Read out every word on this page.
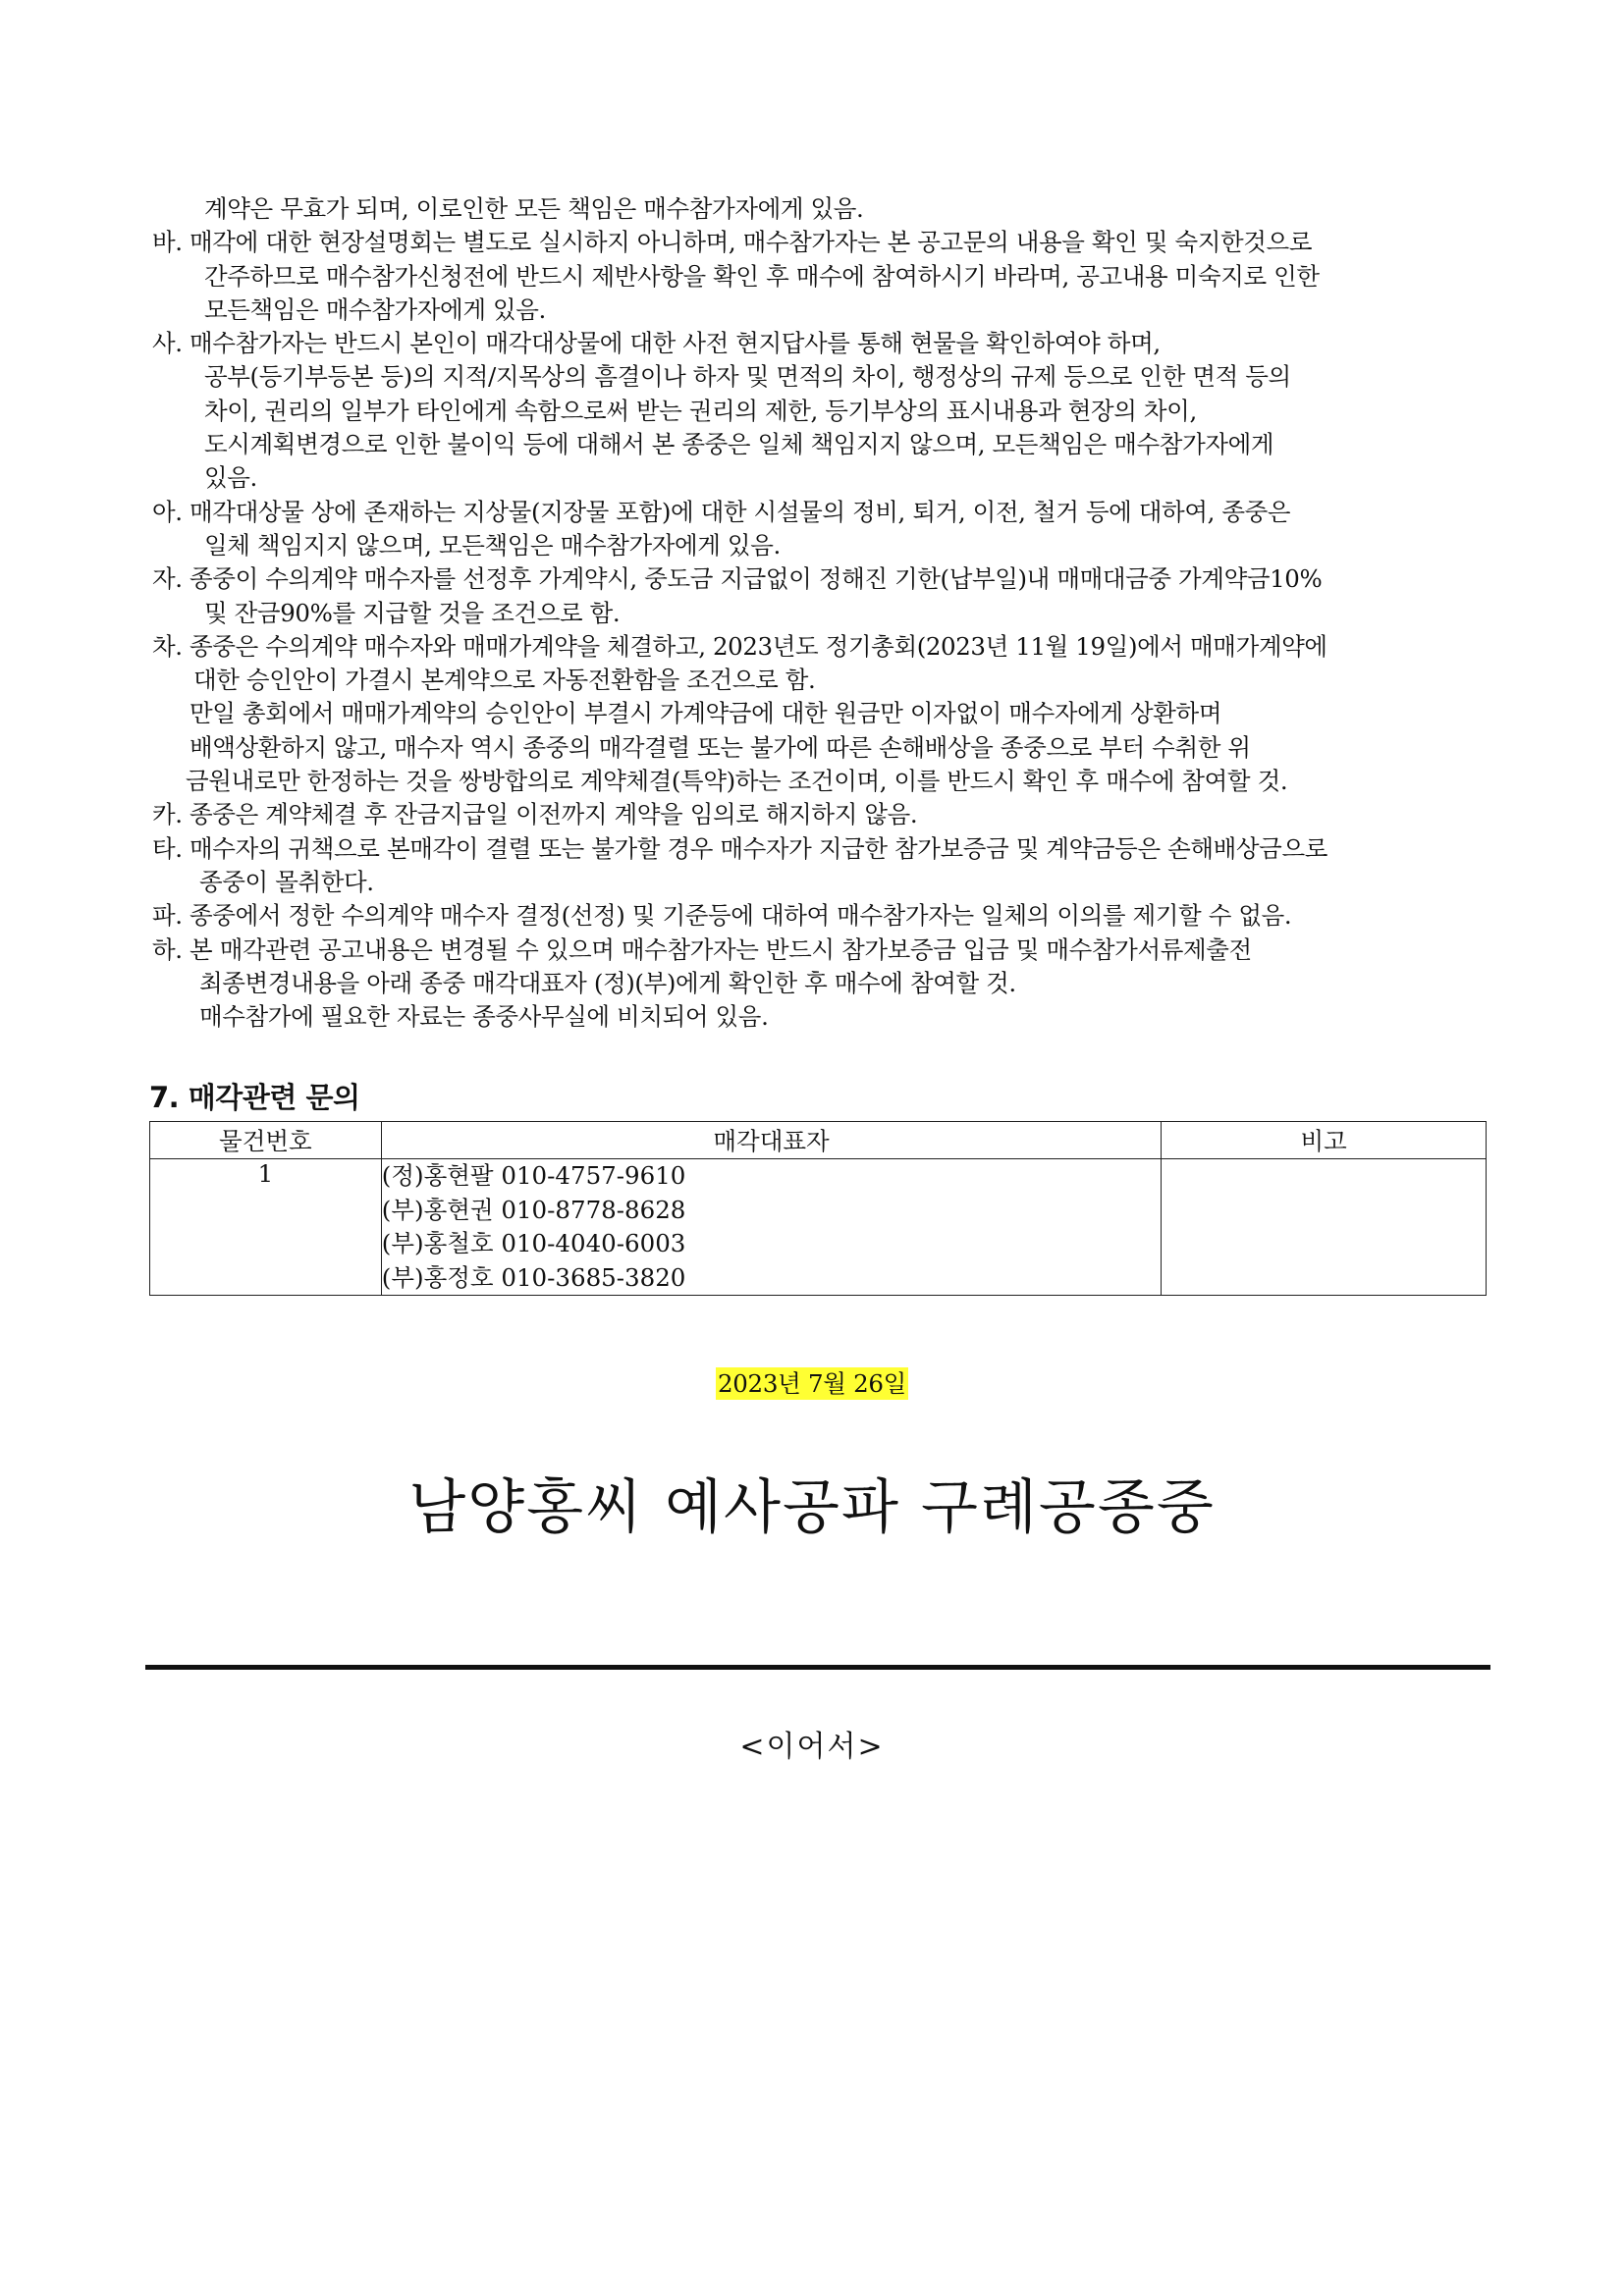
계약은 무효가 되며, 이로인한 모든 책임은 매수참가자에게 있음.
바. 매각에 대한 현장설명회는 별도로 실시하지 아니하며, 매수참가자는 본 공고문의 내용을 확인 및 숙지한것으로
간주하므로 매수참가신청전에 반드시 제반사항을 확인 후 매수에 참여하시기 바라며, 공고내용 미숙지로 인한
모든책임은 매수참가자에게 있음.
사. 매수참가자는 반드시 본인이 매각대상물에 대한 사전 현지답사를 통해 현물을 확인하여야 하며,
공부(등기부등본 등)의 지적/지목상의 흠결이나 하자 및 면적의 차이, 행정상의 규제 등으로 인한 면적 등의
차이, 권리의 일부가 타인에게 속함으로써 받는 권리의 제한, 등기부상의 표시내용과 현장의 차이,
도시계획변경으로 인한 불이익 등에 대해서 본 종중은 일체 책임지지 않으며, 모든책임은 매수참가자에게
있음.
아. 매각대상물 상에 존재하는 지상물(지장물 포함)에 대한 시설물의 정비, 퇴거, 이전, 철거 등에 대하여, 종중은
일체 책임지지 않으며, 모든책임은 매수참가자에게 있음.
자. 종중이 수의계약 매수자를 선정후 가계약시, 중도금 지급없이 정해진 기한(납부일)내 매매대금중 가계약금10%
및 잔금90%를 지급할 것을 조건으로 함.
차. 종중은 수의계약 매수자와 매매가계약을 체결하고, 2023년도 정기총회(2023년 11월 19일)에서 매매가계약에
대한 승인안이 가결시 본계약으로 자동전환함을 조건으로 함.
만일 총회에서 매매가계약의 승인안이 부결시 가계약금에 대한 원금만 이자없이 매수자에게 상환하며
배액상환하지 않고, 매수자 역시 종중의 매각결렬 또는 불가에 따른 손해배상을 종중으로 부터 수취한 위
금원내로만 한정하는 것을 쌍방합의로 계약체결(특약)하는 조건이며, 이를 반드시 확인 후 매수에 참여할 것.
카. 종중은 계약체결 후 잔금지급일 이전까지 계약을 임의로 해지하지 않음.
타. 매수자의 귀책으로 본매각이 결렬 또는 불가할 경우 매수자가 지급한 참가보증금 및 계약금등은 손해배상금으로
종중이 몰취한다.
파. 종중에서 정한 수의계약 매수자 결정(선정) 및 기준등에 대하여 매수참가자는 일체의 이의를 제기할 수 없음.
하. 본 매각관련 공고내용은 변경될 수 있으며 매수참가자는 반드시 참가보증금 입금 및 매수참가서류제출전
최종변경내용을 아래 종중 매각대표자 (정)(부)에게 확인한 후 매수에 참여할 것.
매수참가에 필요한 자료는 종중사무실에 비치되어 있음.
7. 매각관련 문의
물건번호	매각대표자	비고
1	(정)홍현팔 010-4757-9610
(부)홍현권 010-8778-8628
(부)홍철호 010-4040-6003
(부)홍정호 010-3685-3820	

2023년 7월 26일
남양홍씨 예사공파 구례공종중
<이어서>
